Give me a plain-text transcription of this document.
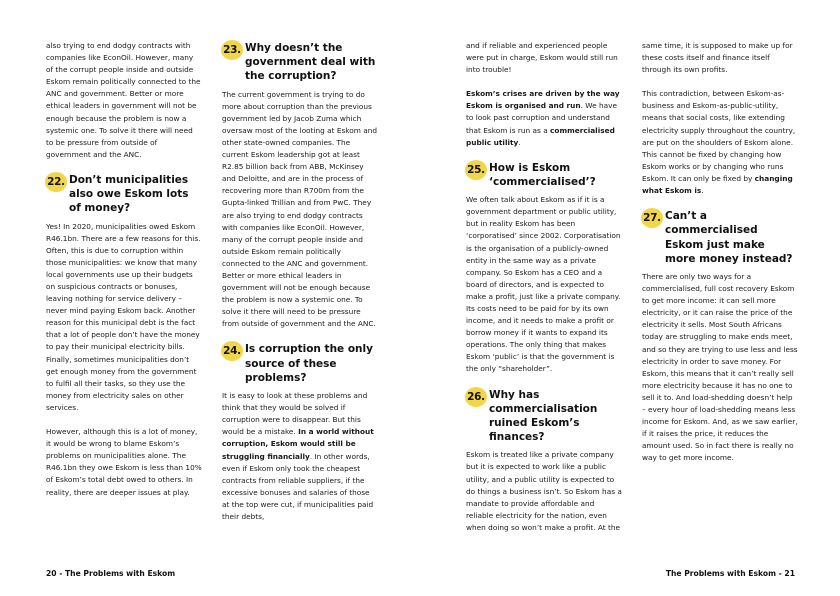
also trying to end dodgy contracts with companies like EconOil. However, many of the corrupt people inside and outside Eskom remain politically connected to the ANC and government. Better or more ethical leaders in government will not be enough because the problem is now a systemic one. To solve it there will need to be pressure from outside of government and the ANC.

22. Don’t municipalities also owe Eskom lots of money?

Yes! In 2020, municipalities owed Eskom R46.1bn. There are a few reasons for this. Often, this is due to corruption within those municipalities: we know that many local governments use up their budgets on suspicious contracts or bonuses, leaving nothing for service delivery – never mind paying Eskom back. Another reason for this municipal debt is the fact that a lot of people don’t have the money to pay their municipal electricity bills. Finally, sometimes municipalities don’t get enough money from the government to fulfil all their tasks, so they use the money from electricity sales on other services.

However, although this is a lot of money, it would be wrong to blame Eskom’s problems on municipalities alone. The R46.1bn they owe Eskom is less than 10% of Eskom’s total debt owed to others. In reality, there are deeper issues at play.

23. Why doesn’t the government deal with the corruption?

The current government is trying to do more about corruption than the previous government led by Jacob Zuma which oversaw most of the looting at Eskom and other state-owned companies. The current Eskom leadership got at least R2.85 billion back from ABB, McKinsey and Deloitte, and are in the process of recovering more than R700m from the Gupta-linked Trillian and from PwC. They are also trying to end dodgy contracts with companies like EconOil. However, many of the corrupt people inside and outside Eskom remain politically connected to the ANC and government. Better or more ethical leaders in government will not be enough because the problem is now a systemic one. To solve it there will need to be pressure from outside of government and the ANC.

24. Is corruption the only source of these problems?

It is easy to look at these problems and think that they would be solved if corruption were to disappear. But this would be a mistake. In a world without corruption, Eskom would still be struggling financially. In other words, even if Eskom only took the cheapest contracts from reliable suppliers, if the excessive bonuses and salaries of those at the top were cut, if municipalities paid their debts,

and if reliable and experienced people were put in charge, Eskom would still run into trouble!

Eskom’s crises are driven by the way Eskom is organised and run. We have to look past corruption and understand that Eskom is run as a commercialised public utility.

25. How is Eskom ‘commercialised’?

We often talk about Eskom as if it is a government department or public utility, but in reality Eskom has been ‘corporatised’ since 2002. Corporatisation is the organisation of a publicly-owned entity in the same way as a private company. So Eskom has a CEO and a board of directors, and is expected to make a profit, just like a private company. Its costs need to be paid for by its own income, and it needs to make a profit or borrow money if it wants to expand its operations. The only thing that makes Eskom ‘public’ is that the government is the only “shareholder”.

26. Why has commercialisation ruined Eskom’s finances?

Eskom is treated like a private company but it is expected to work like a public utility, and a public utility is expected to do things a business isn’t. So Eskom has a mandate to provide affordable and reliable electricity for the nation, even when doing so won’t make a profit. At the

same time, it is supposed to make up for these costs itself and finance itself through its own profits.

This contradiction, between Eskom-as-business and Eskom-as-public-utility, means that social costs, like extending electricity supply throughout the country, are put on the shoulders of Eskom alone. This cannot be fixed by changing how Eskom works or by changing who runs Eskom. It can only be fixed by changing what Eskom is.

27. Can’t a commercialised Eskom just make more money instead?

There are only two ways for a commercialised, full cost recovery Eskom to get more income: it can sell more electricity, or it can raise the price of the electricity it sells. Most South Africans today are struggling to make ends meet, and so they are trying to use less and less electricity in order to save money. For Eskom, this means that it can’t really sell more electricity because it has no one to sell it to. And load-shedding doesn’t help – every hour of load-shedding means less income for Eskom. And, as we saw earlier, if it raises the price, it reduces the amount used. So in fact there is really no way to get more income.

20 - The Problems with Eskom	The Problems with Eskom - 21
